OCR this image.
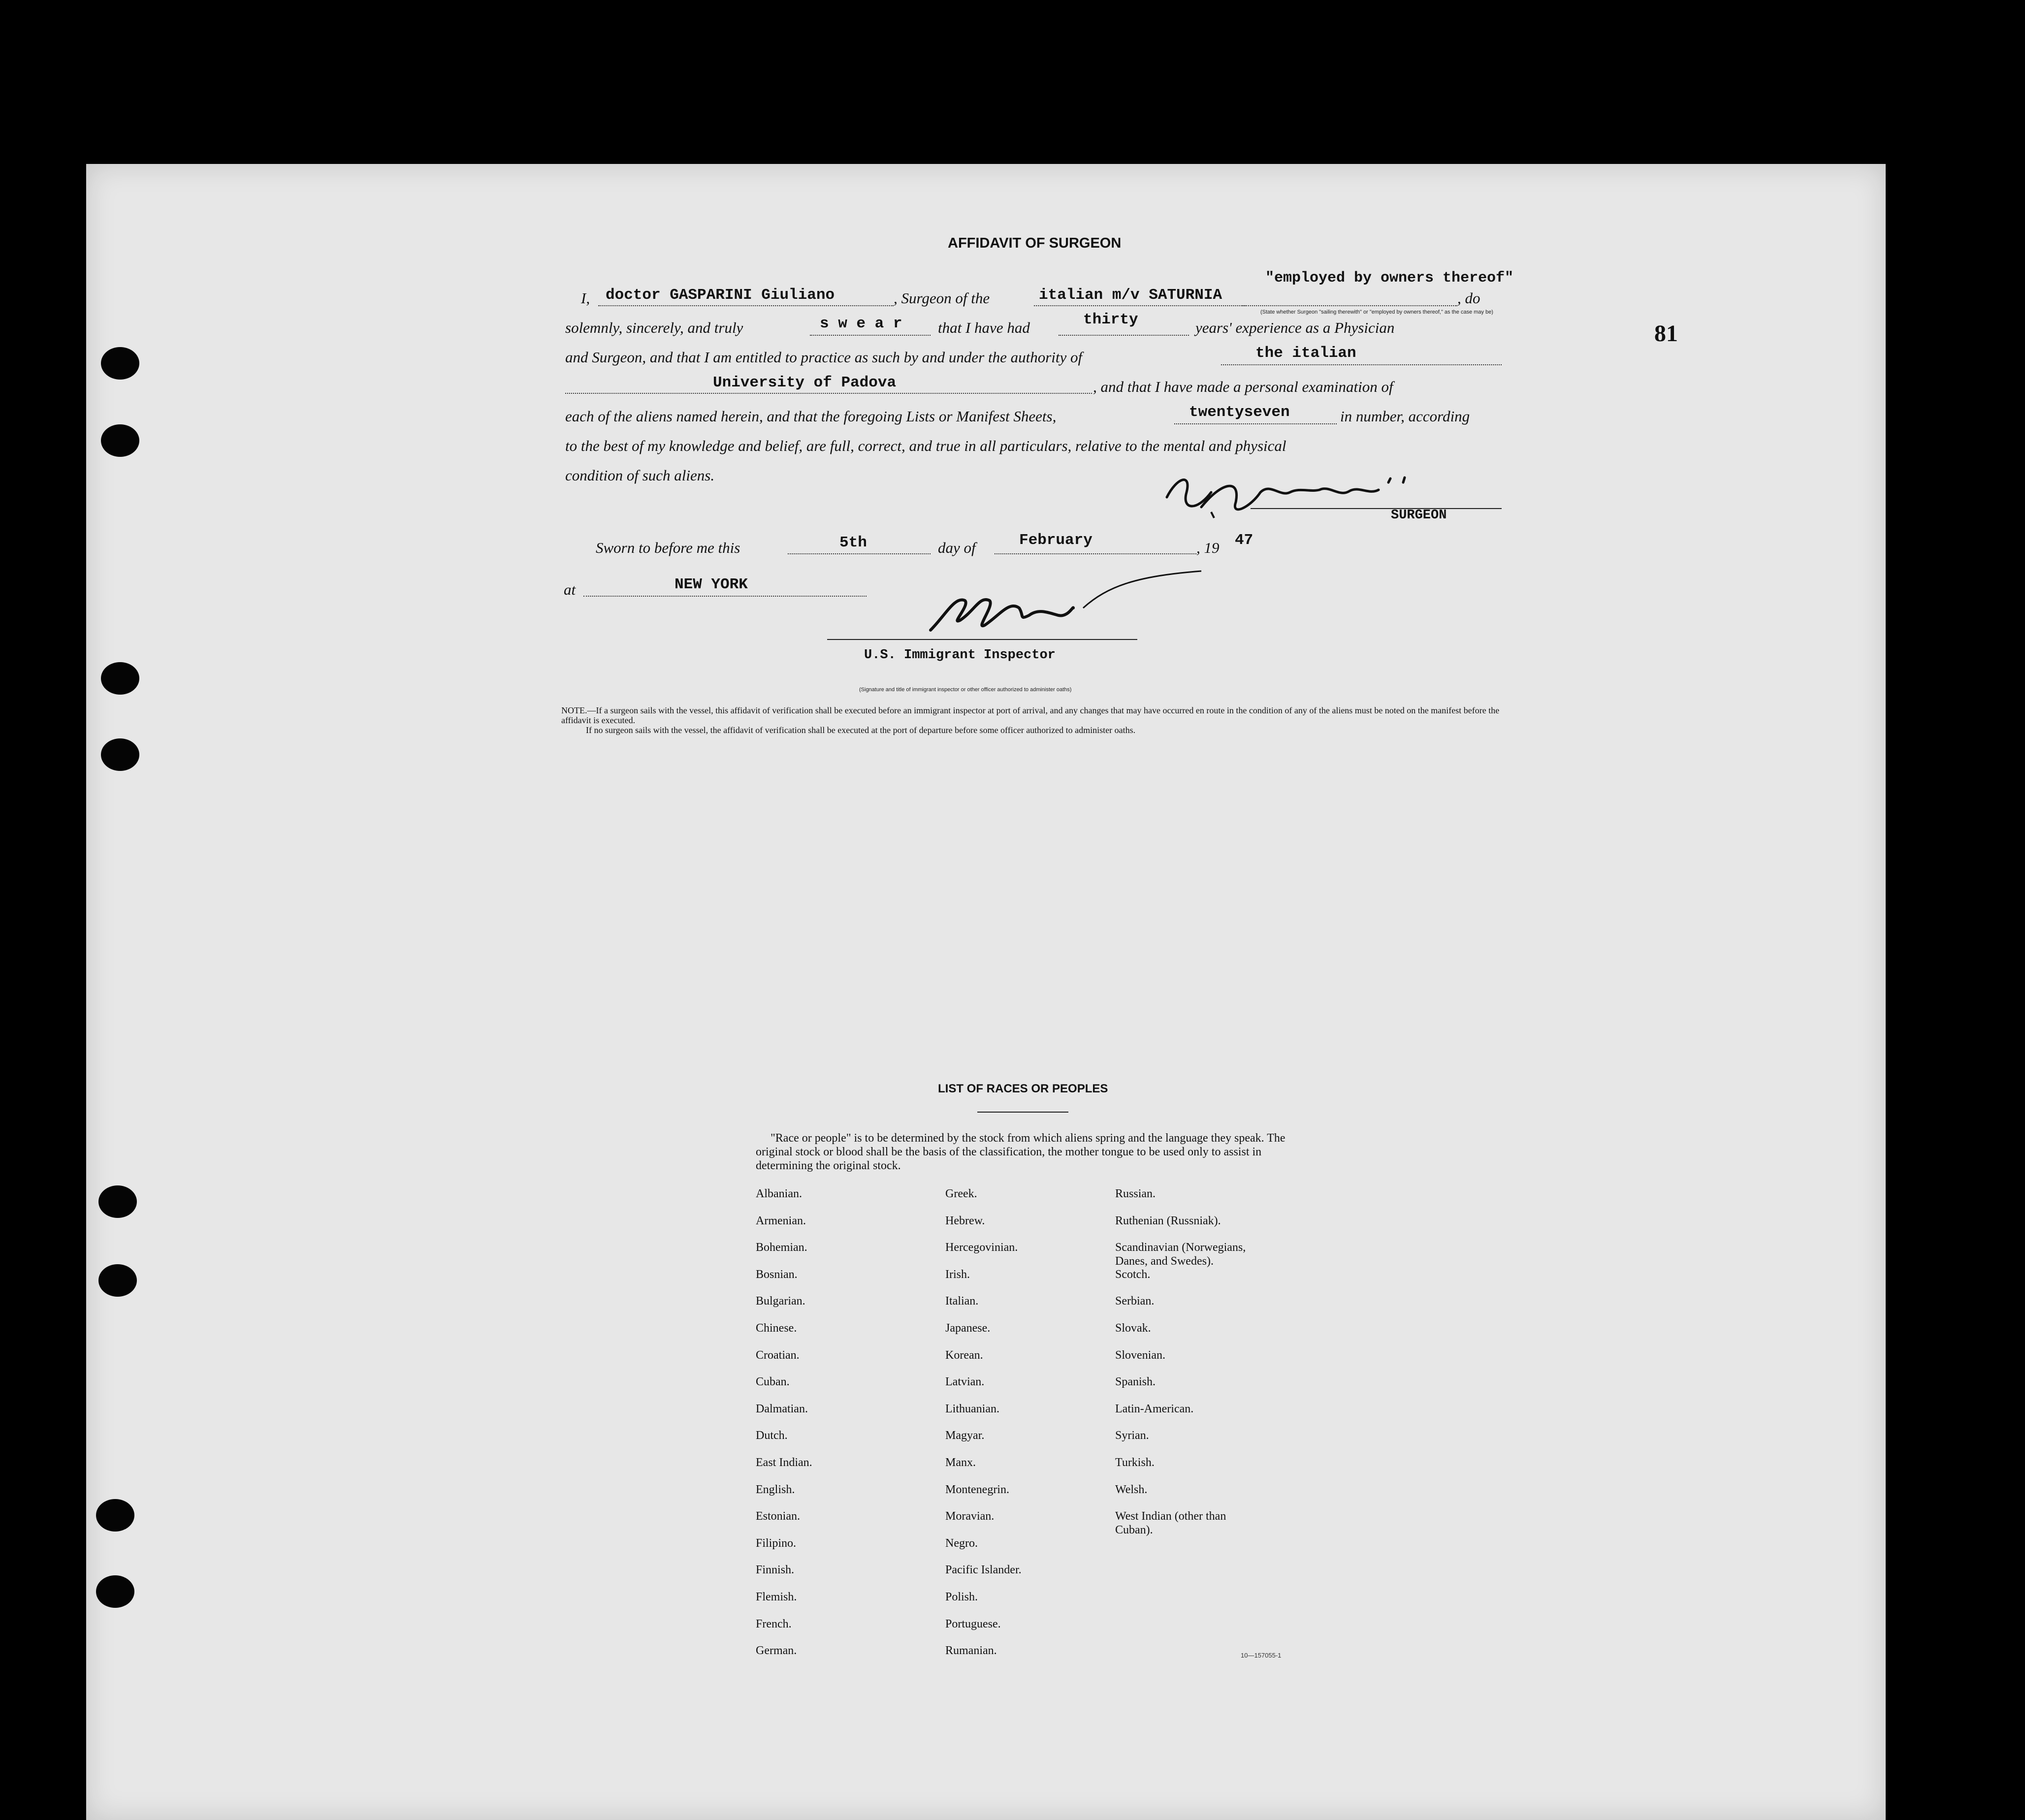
81
AFFIDAVIT OF SURGEON
I, doctor GASPARINI Giuliano	, Surgeon of the	italian m/v SATURNIA
"employed by owners thereof"
, do
(State whether Surgeon "sailing therewith" or "employed by owners thereof," as the case may be)
solemnly, sincerely, and truly	s w e a r that I have had	thirty	years' experience as a Physician
and Surgeon, and that I am entitled to practice as such by and under the authority of	the italian
University of Padova	, and that I have made a personal examination of
each of the aliens named herein, and that the foregoing Lists or Manifest Sheets,	twentyseven	in number, according
to the best of my knowledge and belief, are full, correct, and true in all particulars, relative to the mental and physical
condition of such aliens.
SURGEON
Sworn to before me this	5th	day of	February	, 19 47
at	NEW YORK
U.S. Immigrant Inspector
(Signature and title of immigrant inspector or other officer authorized to administer oaths)

NOTE.—If a surgeon sails with the vessel, this affidavit of verification shall be executed before an immigrant inspector at port of arrival, and any changes that may have occurred en route in the condition of any of the aliens must be noted on the manifest before the affidavit is executed.

If no surgeon sails with the vessel, the affidavit of verification shall be executed at the port of departure before some officer authorized to administer oaths.

LIST OF RACES OR PEOPLES

"Race or people" is to be determined by the stock from which aliens spring and the language they speak. The original stock or blood shall be the basis of the classification, the mother tongue to be used only to assist in determining the original stock.

Albanian.
Armenian.
Bohemian.
Bosnian.
Bulgarian.
Chinese.
Croatian.
Cuban.
Dalmatian.
Dutch.
East Indian.
English.
Estonian.
Filipino.
Finnish.
Flemish.
French.
German.
Greek.
Hebrew.
Hercegovinian.
Irish.
Italian.
Japanese.
Korean.
Latvian.
Lithuanian.
Magyar.
Manx.
Montenegrin.
Moravian.
Negro.
Pacific Islander.
Polish.
Portuguese.
Rumanian.
Russian.
Ruthenian (Russniak).
Scandinavian (Norwegians,
Danes, and Swedes).
Scotch.
Serbian.
Slovak.
Slovenian.
Spanish.
Latin-American.
Syrian.
Turkish.
Welsh.
West Indian (other than
Cuban).
10—157055-1
